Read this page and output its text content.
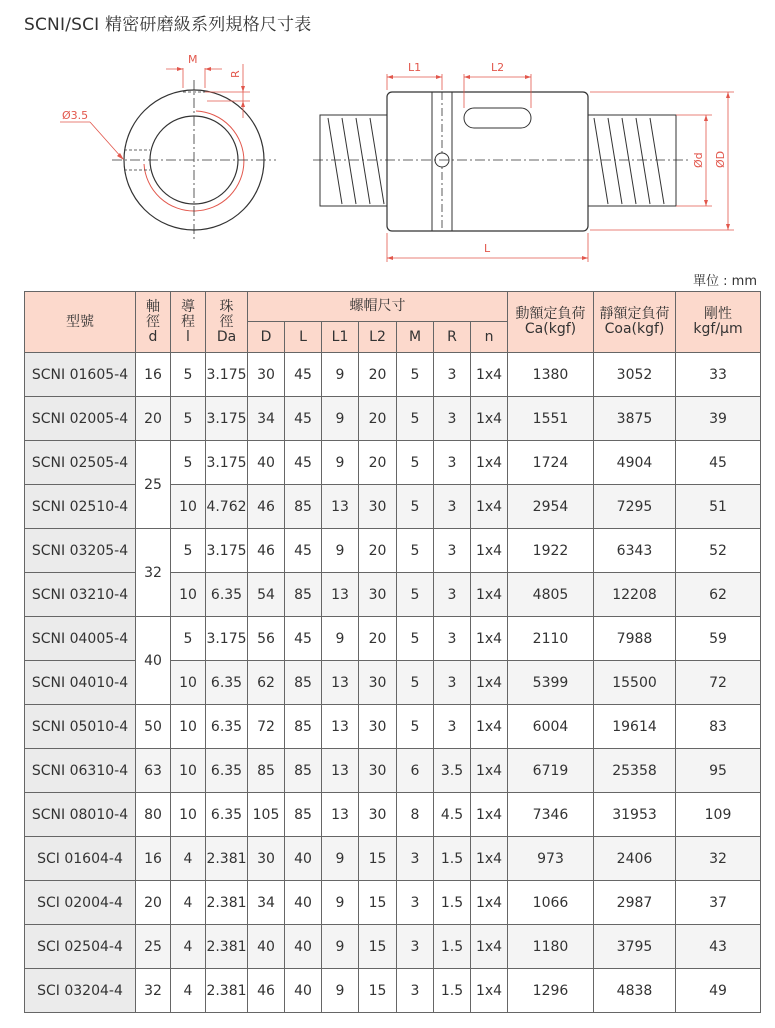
SCNI/SCI 精密研磨級系列規格尺寸表
M
R
Ø3.5
L1	L2
L
Ød ØD
單位 : mm
型號	軸
徑
d	導
程
l	珠
徑
Da	螺帽尺寸							動額定負荷
Ca(kgf)	靜額定負荷
Coa(kgf)	剛性
kgf/μm

				D	L	L1	L2	M	R	n			
SCNI 01605-4	16	5	3.175	30	45	9	20	5	3	1x4	1380	3052	33
SCNI 02005-4	20	5	3.175	34	45	9	20	5	3	1x4	1551	3875	39
SCNI 02505-4	25	5	3.175	40	45	9	20	5	3	1x4	1724	4904	45
SCNI 02510-4		10	4.762	46	85	13	30	5	3	1x4	2954	7295	51
SCNI 03205-4	32	5	3.175	46	45	9	20	5	3	1x4	1922	6343	52
SCNI 03210-4		10	6.35	54	85	13	30	5	3	1x4	4805	12208	62
SCNI 04005-4	40	5	3.175	56	45	9	20	5	3	1x4	2110	7988	59
SCNI 04010-4		10	6.35	62	85	13	30	5	3	1x4	5399	15500	72
SCNI 05010-4	50	10	6.35	72	85	13	30	5	3	1x4	6004	19614	83
SCNI 06310-4	63	10	6.35	85	85	13	30	6	3.5	1x4	6719	25358	95
SCNI 08010-4	80	10	6.35	105	85	13	30	8	4.5	1x4	7346	31953	109
SCI 01604-4	16	4	2.381	30	40	9	15	3	1.5	1x4	973	2406	32
SCI 02004-4	20	4	2.381	34	40	9	15	3	1.5	1x4	1066	2987	37
SCI 02504-4	25	4	2.381	40	40	9	15	3	1.5	1x4	1180	3795	43
SCI 03204-4	32	4	2.381	46	40	9	15	3	1.5	1x4	1296	4838	49
